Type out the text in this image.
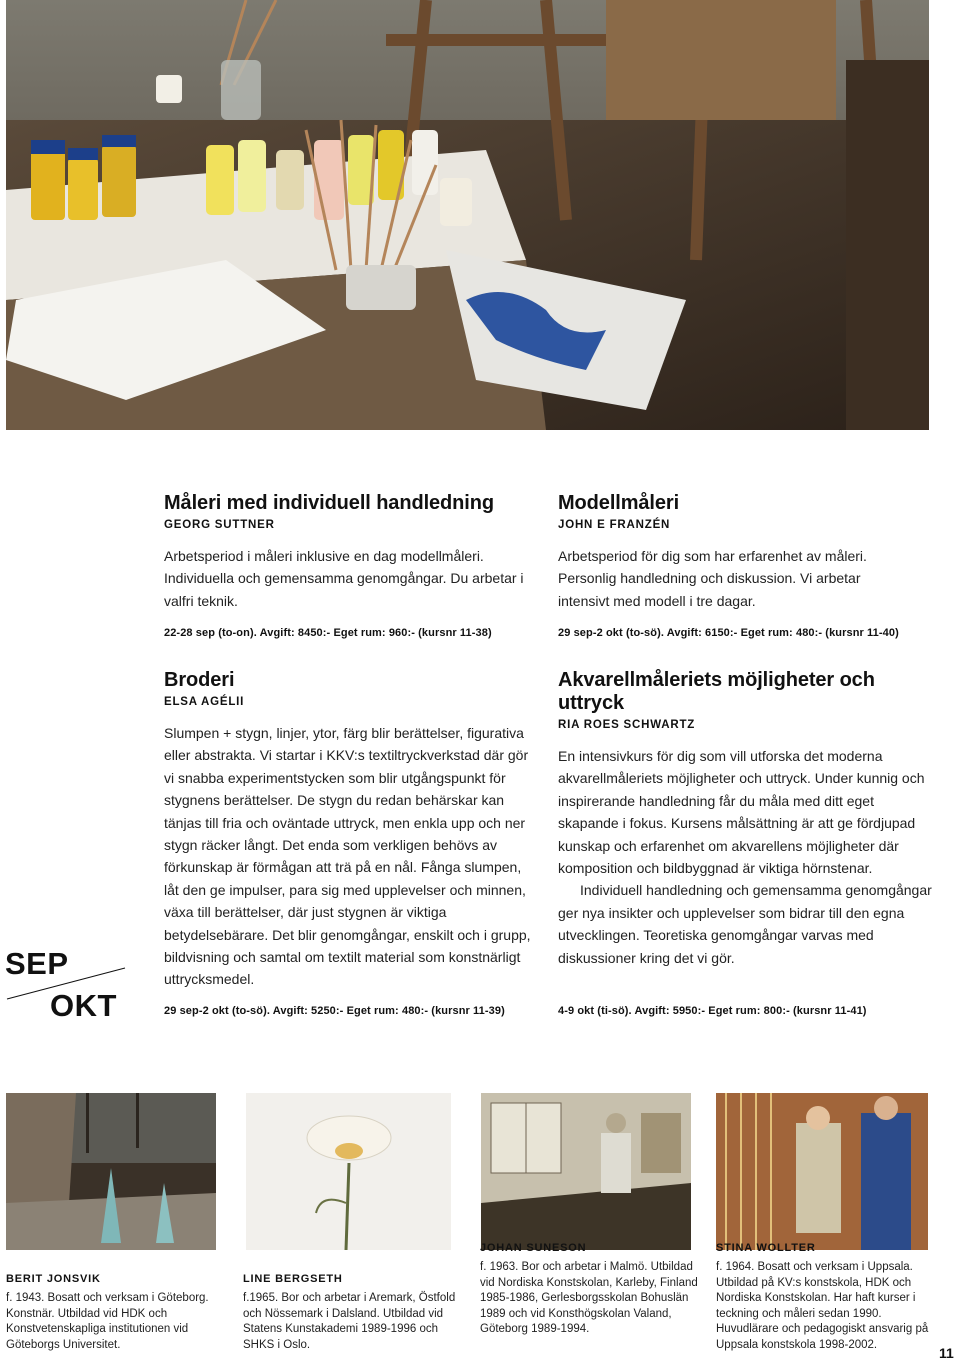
Måleri med individuell handledning
GEORG SUTTNER

Arbetsperiod i måleri inklusive en dag modellmåleri. Individuella och gemensamma genomgångar. Du arbetar i valfri teknik.

22-28 sep (to-on). Avgift: 8450:- Eget rum: 960:- (kursnr 11-38)
Modellmåleri
JOHN E FRANZÉN

Arbetsperiod för dig som har erfarenhet av måleri. Personlig handledning och diskussion. Vi arbetar intensivt med modell i tre dagar.

29 sep-2 okt (to-sö). Avgift: 6150:- Eget rum: 480:- (kursnr 11-40)
Broderi
ELSA AGÉLII

Slumpen + stygn, linjer, ytor, färg blir berättelser, figurativa eller abstrakta. Vi startar i KKV:s textiltryckverkstad där gör vi snabba experimentstycken som blir utgångspunkt för stygnens berättelser. De stygn du redan behärskar kan tänjas till fria och oväntade uttryck, men enkla upp och ner stygn räcker långt. Det enda som verkligen behövs av förkunskap är förmågan att trä på en nål. Fånga slumpen, låt den ge impulser, para sig med upplevelser och minnen, växa till berättelser, där just stygnen är viktiga betydelsebärare. Det blir genomgångar, enskilt och i grupp, bildvisning och samtal om textilt material som konstnärligt uttrycksmedel.

29 sep-2 okt (to-sö). Avgift: 5250:- Eget rum: 480:- (kursnr 11-39)
Akvarellmåleriets möjligheter och uttryck
RIA ROES SCHWARTZ

En intensivkurs för dig som vill utforska det moderna akvarellmåleriets möjligheter och uttryck. Under kunnig och inspirerande handledning får du måla med ditt eget skapande i fokus. Kursens målsättning är att ge fördjupad kunskap och erfarenhet om akvarellens möjligheter där komposition och bildbyggnad är viktiga hörnstenar.

Individuell handledning och gemensamma genomgångar ger nya insikter och upplevelser som bidrar till den egna utvecklingen. Teoretiska genomgångar varvas med diskussioner kring det vi gör.

4-9 okt (ti-sö). Avgift: 5950:- Eget rum: 800:- (kursnr 11-41)
SEP
OKT
BERIT JONSVIK

f. 1943. Bosatt och verksam i Göteborg. Konstnär. Utbildad vid HDK och Konstvetenskapliga institutionen vid Göteborgs Universitet.

LINE BERGSETH

f.1965. Bor och arbetar i Aremark, Östfold och Nössemark i Dalsland. Utbildad vid Statens Kunstakademi 1989-1996 och SHKS i Oslo.

JOHAN SUNESON

f. 1963. Bor och arbetar i Malmö. Utbildad vid Nordiska Konstskolan, Karleby, Finland 1985-1986, Gerlesborgsskolan Bohuslän 1989 och vid Konsthögskolan Valand, Göteborg 1989-1994.

STINA WOLLTER

f. 1964. Bosatt och verksam i Uppsala. Utbildad på KV:s konstskola, HDK och Nordiska Konstskolan. Har haft kurser i teckning och måleri sedan 1990. Huvudlärare och pedagogiskt ansvarig på Uppsala konstskola 1998-2002.

11
